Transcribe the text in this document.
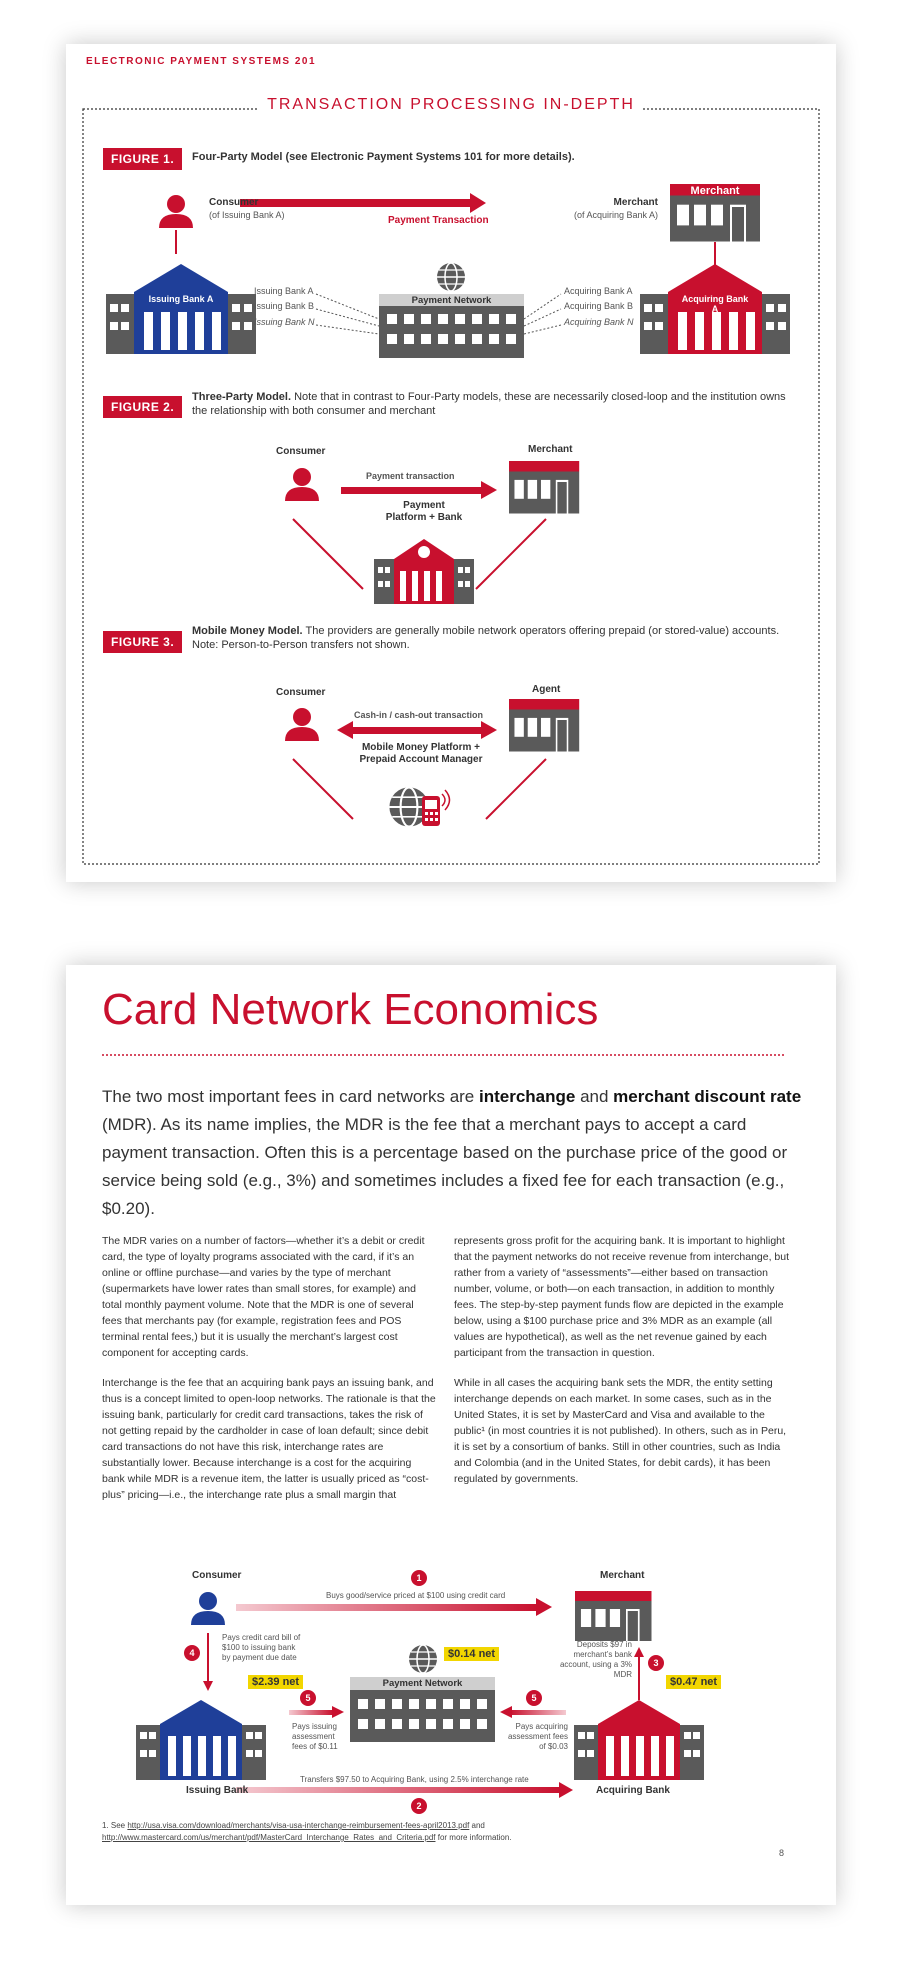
ELECTRONIC PAYMENT SYSTEMS 201
TRANSACTION PROCESSING IN-DEPTH
FIGURE 1.	Four-Party Model (see Electronic Payment Systems 101 for more details).
Consumer
(of Issuing Bank A)	Payment Transaction
Merchant
(of Acquiring Bank A)
Merchant
Issuing Bank A
Issuing Bank A
Issuing Bank B
Issuing Bank N
Payment Network
Acquiring Bank A
Acquiring Bank B
Acquiring Bank N
Acquiring Bank A
FIGURE 2.
Three-Party Model. Note that in contrast to Four-Party models, these are necessarily closed-loop and the institution owns the relationship with both consumer and merchant
Consumer
Payment transaction
Merchant
Payment Platform + Bank
FIGURE 3.
Mobile Money Model. The providers are generally mobile network operators offering prepaid (or stored-value) accounts. Note: Person-to-Person transfers not shown.
Consumer
Cash-in / cash-out transaction
Agent
Mobile Money Platform + Prepaid Account Manager
Card Network Economics
The two most important fees in card networks are interchange and merchant discount rate (MDR). As its name implies, the MDR is the fee that a merchant pays to accept a card payment transaction. Often this is a percentage based on the purchase price of the good or service being sold (e.g., 3%) and sometimes includes a fixed fee for each transaction (e.g., $0.20).

The MDR varies on a number of factors—whether it’s a debit or credit card, the type of loyalty programs associated with the card, if it’s an online or offline purchase—and varies by the type of merchant (supermarkets have lower rates than small stores, for example) and total monthly payment volume. Note that the MDR is one of several fees that merchants pay (for example, registration fees and POS terminal rental fees,) but it is usually the merchant’s largest cost component for accepting cards.

Interchange is the fee that an acquiring bank pays an issuing bank, and thus is a concept limited to open-loop networks. The rationale is that the issuing bank, particularly for credit card transactions, takes the risk of not getting repaid by the cardholder in case of loan default; since debit card transactions do not have this risk, interchange rates are substantially lower. Because interchange is a cost for the acquiring bank while MDR is a revenue item, the latter is usually priced as “cost-plus” pricing—i.e., the interchange rate plus a small margin that

represents gross profit for the acquiring bank. It is important to highlight that the payment networks do not receive revenue from interchange, but rather from a variety of “assessments”—either based on transaction number, volume, or both—on each transaction, in addition to monthly fees. The step-by-step payment funds flow are depicted in the example below, using a $100 purchase price and 3% MDR as an example (all values are hypothetical), as well as the net revenue gained by each participant from the transaction in question.

While in all cases the acquiring bank sets the MDR, the entity setting interchange depends on each market. In some cases, such as in the United States, it is set by MasterCard and Visa and available to the public¹ (in most countries it is not published). In others, such as in Peru, it is set by a consortium of banks. Still in other countries, such as India and Colombia (and in the United States, for debit cards), it has been regulated by governments.

Consumer	Merchant
1
Buys good/service priced at $100 using credit card
4
Pays credit card bill of $100 to issuing bank by payment due date	$0.14 net
Payment Network
$2.39 net
3
Deposits $97 in merchant’s bank account, using a 3% MDR
$0.47 net
5
Pays issuing assessment fees of $0.11
5
Pays acquiring assessment fees of $0.03
Issuing Bank	Acquiring Bank
Transfers $97.50 to Acquiring Bank, using 2.5% interchange rate
2
1. See http://usa.visa.com/download/merchants/visa-usa-interchange-reimbursement-fees-april2013.pdf and http://www.mastercard.com/us/merchant/pdf/MasterCard_Interchange_Rates_and_Criteria.pdf for more information.
8
